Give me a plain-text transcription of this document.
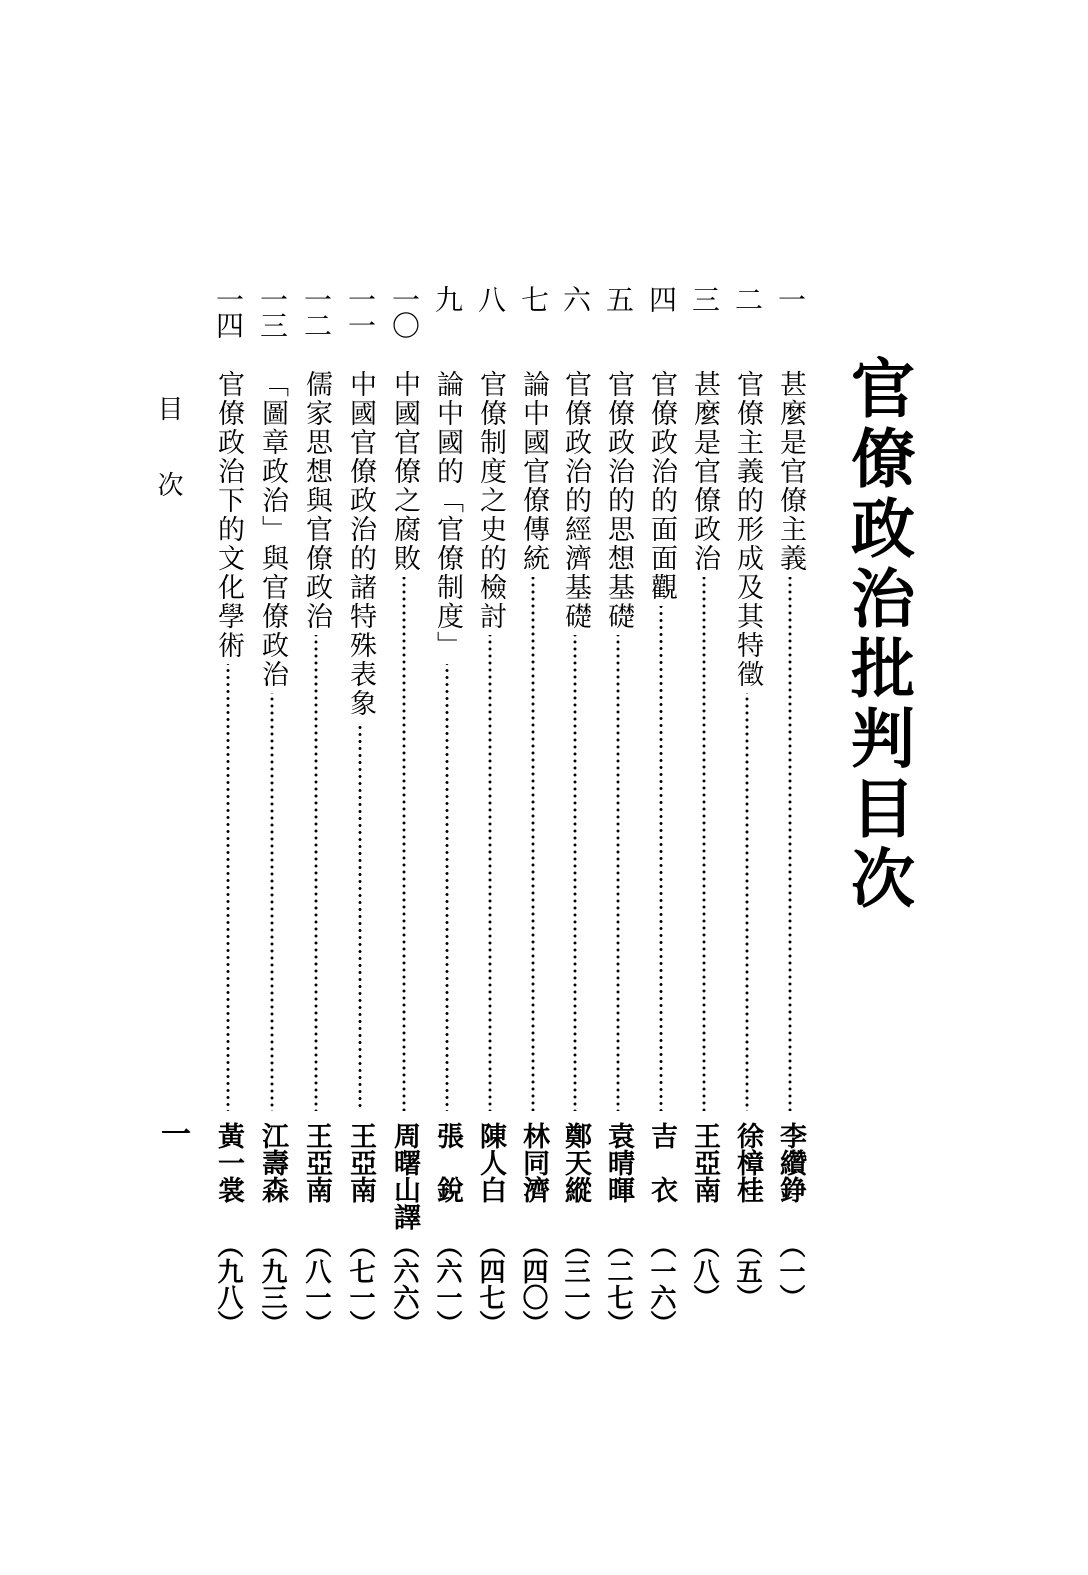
官僚政治批判目次
一
甚麼是官僚主義
李纘錚
（一）
二
官僚主義的形成及其特徵
徐樟桂
（五）
三
甚麼是官僚政治
王亞南
（八）
四
官僚政治的面面觀
吉　衣
（一六）
五
官僚政治的思想基礎
袁晴暉
（二七）
六
官僚政治的經濟基礎
鄭天縱
（三一）
七
論中國官僚傳統
林同濟
（四〇）
八
官僚制度之史的檢討
陳人白
（四七）
九
論中國的「官僚制度」
張　銳
（六一）
一〇
中國官僚之腐敗
周曙山譯
（六六）
一一
中國官僚政治的諸特殊表象
王亞南
（七一）
一二
儒家思想與官僚政治
王亞南
（八一）
一三
「圖章政治」與官僚政治
江壽森
（九三）
一四
官僚政治下的文化學術
黃一裳
（九八）
目次
一
